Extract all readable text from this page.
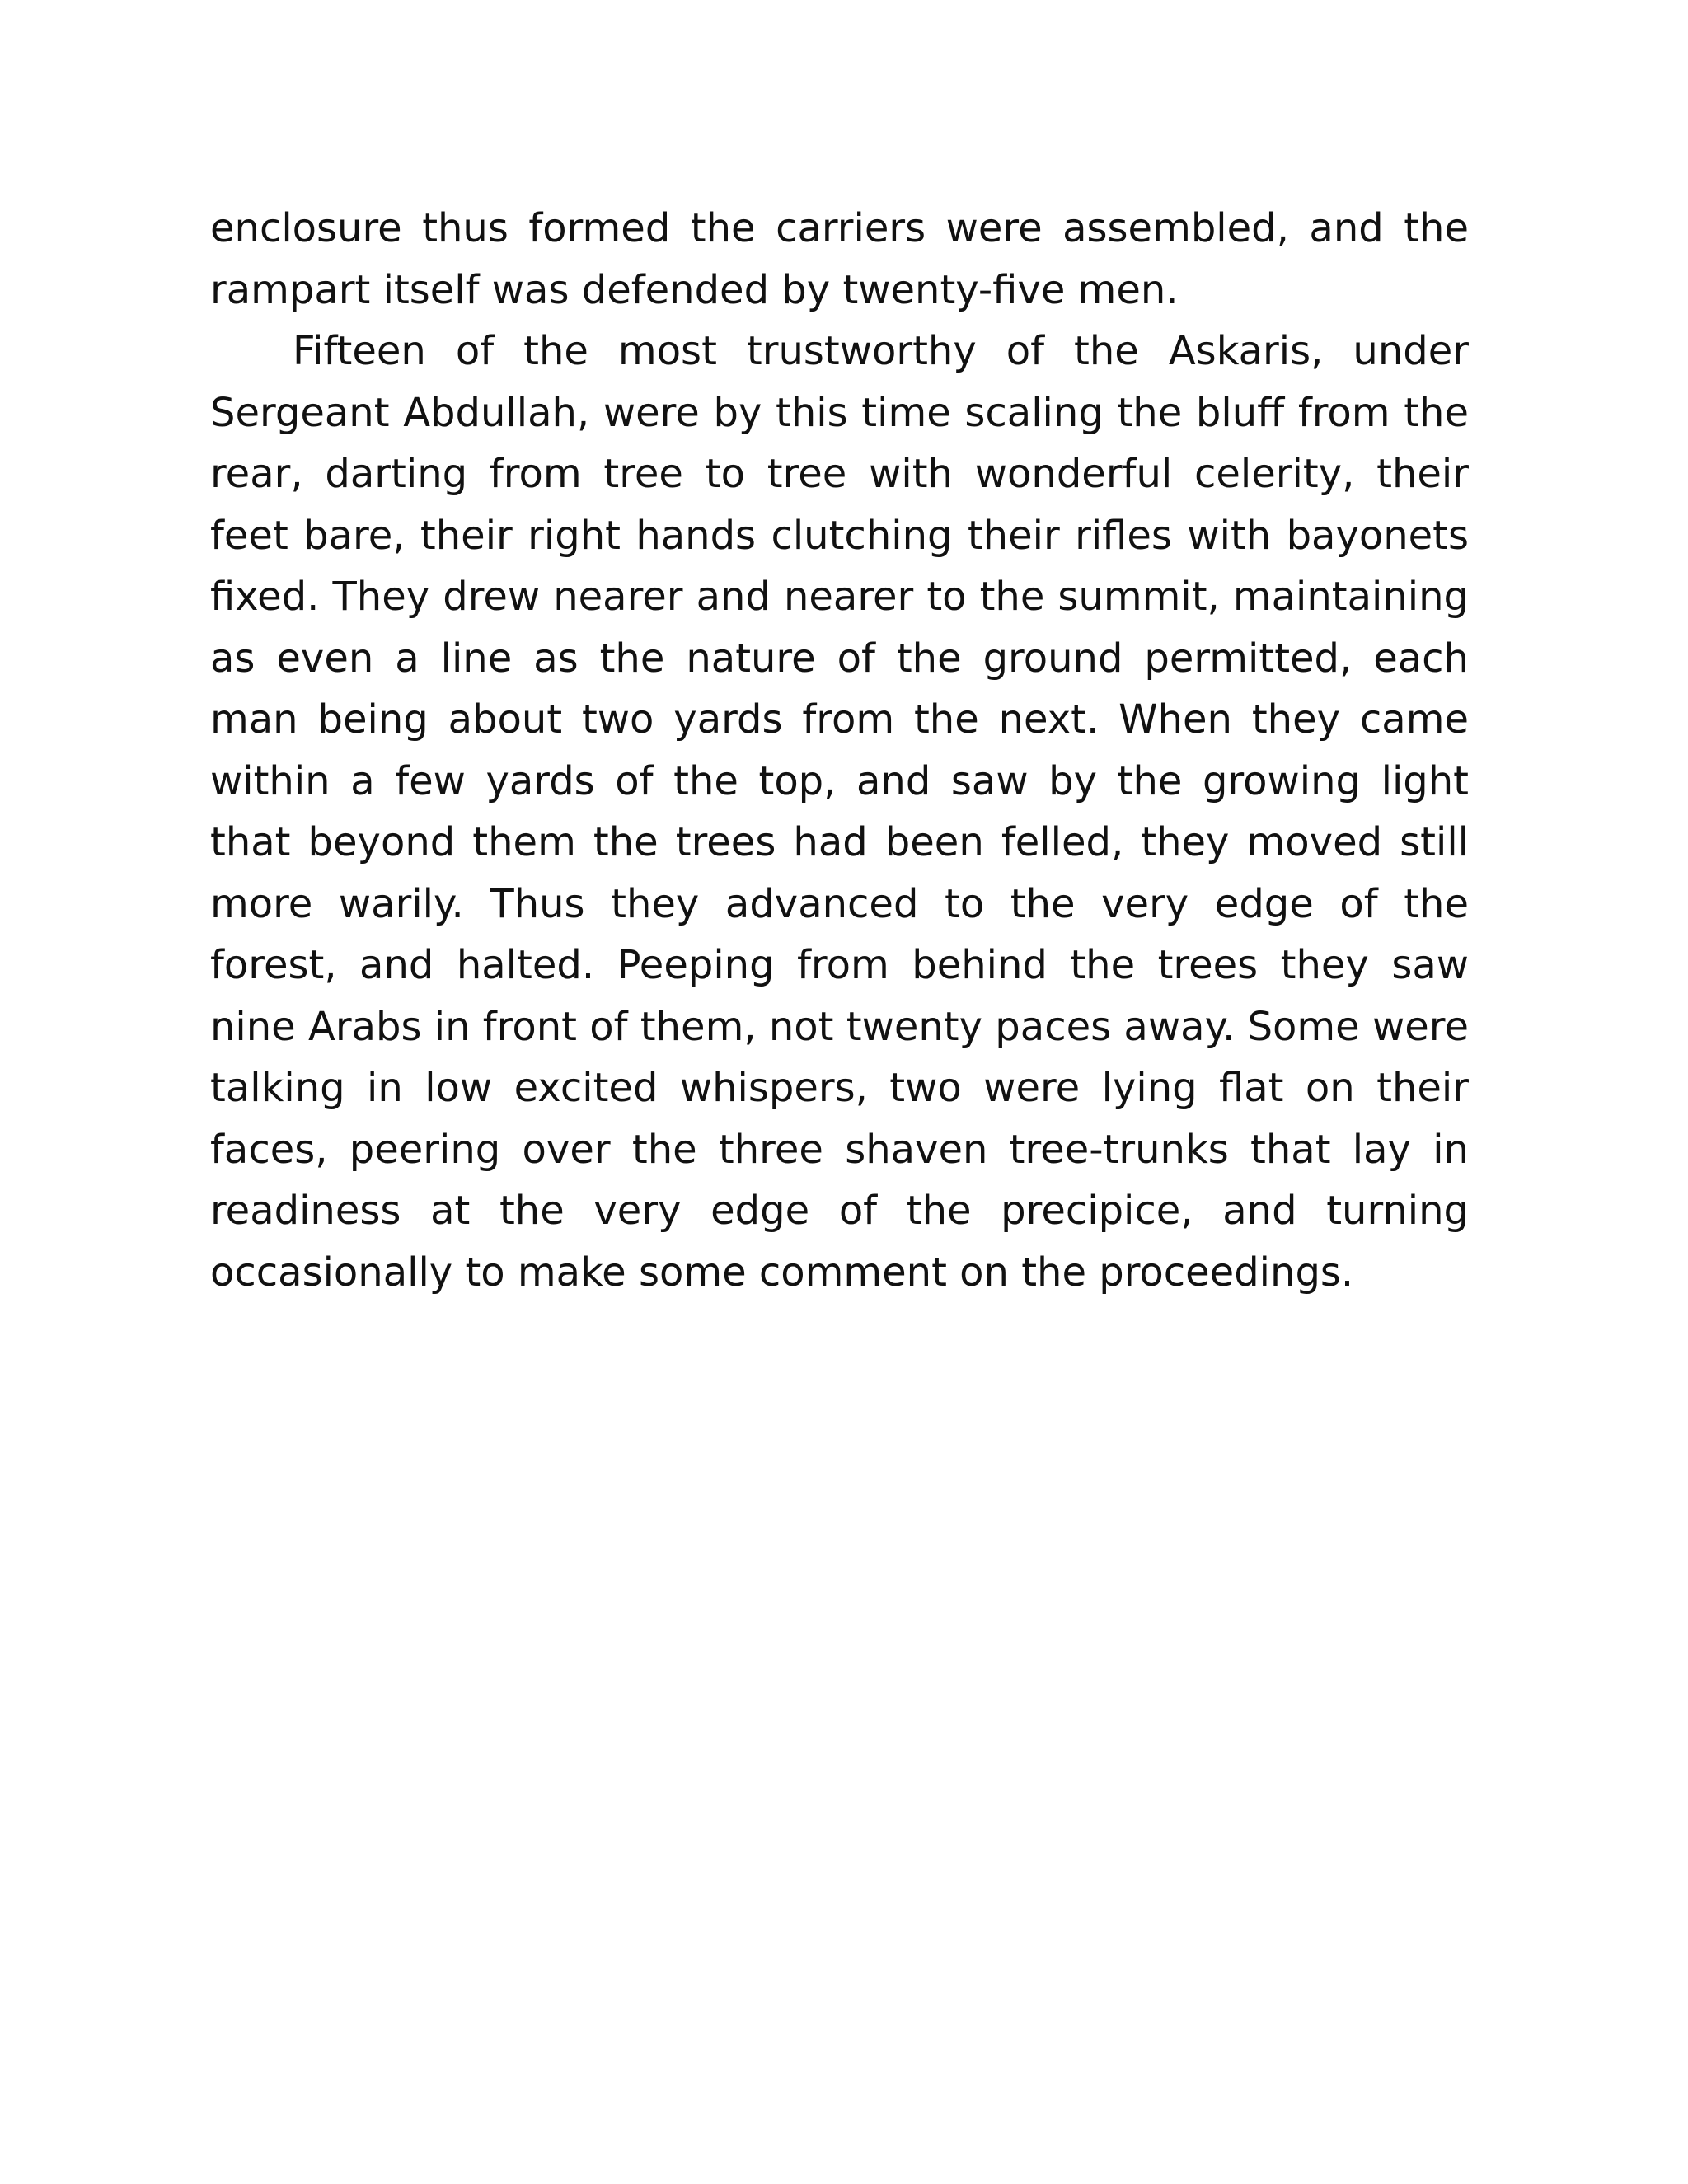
enclosure thus formed the carriers were assembled, and the rampart itself was defended by twenty-five men.

Fifteen of the most trustworthy of the Askaris, under Sergeant Abdullah, were by this time scaling the bluff from the rear, darting from tree to tree with wonderful celerity, their feet bare, their right hands clutching their rifles with bayonets fixed. They drew nearer and nearer to the summit, maintaining as even a line as the nature of the ground permitted, each man being about two yards from the next. When they came within a few yards of the top, and saw by the growing light that beyond them the trees had been felled, they moved still more warily. Thus they advanced to the very edge of the forest, and halted. Peeping from behind the trees they saw nine Arabs in front of them, not twenty paces away. Some were talking in low excited whispers, two were lying flat on their faces, peering over the three shaven tree-trunks that lay in readiness at the very edge of the precipice, and turning occasionally to make some comment on the proceedings.
